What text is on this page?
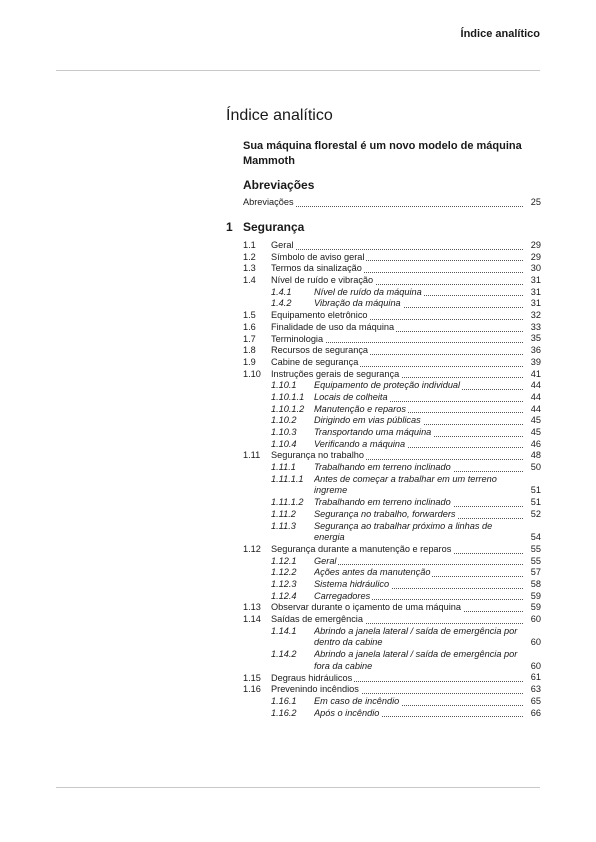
Índice analítico
Índice analítico
Sua máquina florestal é um novo modelo de máquina Mammoth
Abreviações
Abreviações	25
1 Segurança
1.1 Geral	29
1.2 Símbolo de aviso geral	29
1.3 Termos da sinalização	30
1.4 Nível de ruído e vibração	31
1.4.1 Nível de ruído da máquina	31
1.4.2 Vibração da máquina	31
1.5 Equipamento eletrônico	32
1.6 Finalidade de uso da máquina	33
1.7 Terminologia	35
1.8 Recursos de segurança	36
1.9 Cabine de segurança	39
1.10 Instruções gerais de segurança	41
1.10.1 Equipamento de proteção individual	44
1.10.1.1 Locais de colheita	44
1.10.1.2 Manutenção e reparos	44
1.10.2 Dirigindo em vias públicas	45
1.10.3 Transportando uma máquina	45
1.10.4 Verificando a máquina	46
1.11 Segurança no trabalho	48
1.11.1 Trabalhando em terreno inclinado	50
1.11.1.1 Antes de começar a trabalhar em um terreno ingreme	51
1.11.1.2 Trabalhando em terreno inclinado	51
1.11.2 Segurança no trabalho, forwarders	52
1.11.3 Segurança ao trabalhar próximo a linhas de energia	54
1.12 Segurança durante a manutenção e reparos	55
1.12.1 Geral	55
1.12.2 Ações antes da manutenção	57
1.12.3 Sistema hidráulico	58
1.12.4 Carregadores	59
1.13 Observar durante o içamento de uma máquina	59
1.14 Saídas de emergência	60
1.14.1 Abrindo a janela lateral / saída de emergência por dentro da cabine	60
1.14.2 Abrindo a janela lateral / saída de emergência por fora da cabine	60
1.15 Degraus hidráulicos	61
1.16 Prevenindo incêndios	63
1.16.1 Em caso de incêndio	65
1.16.2 Após o incêndio	66
